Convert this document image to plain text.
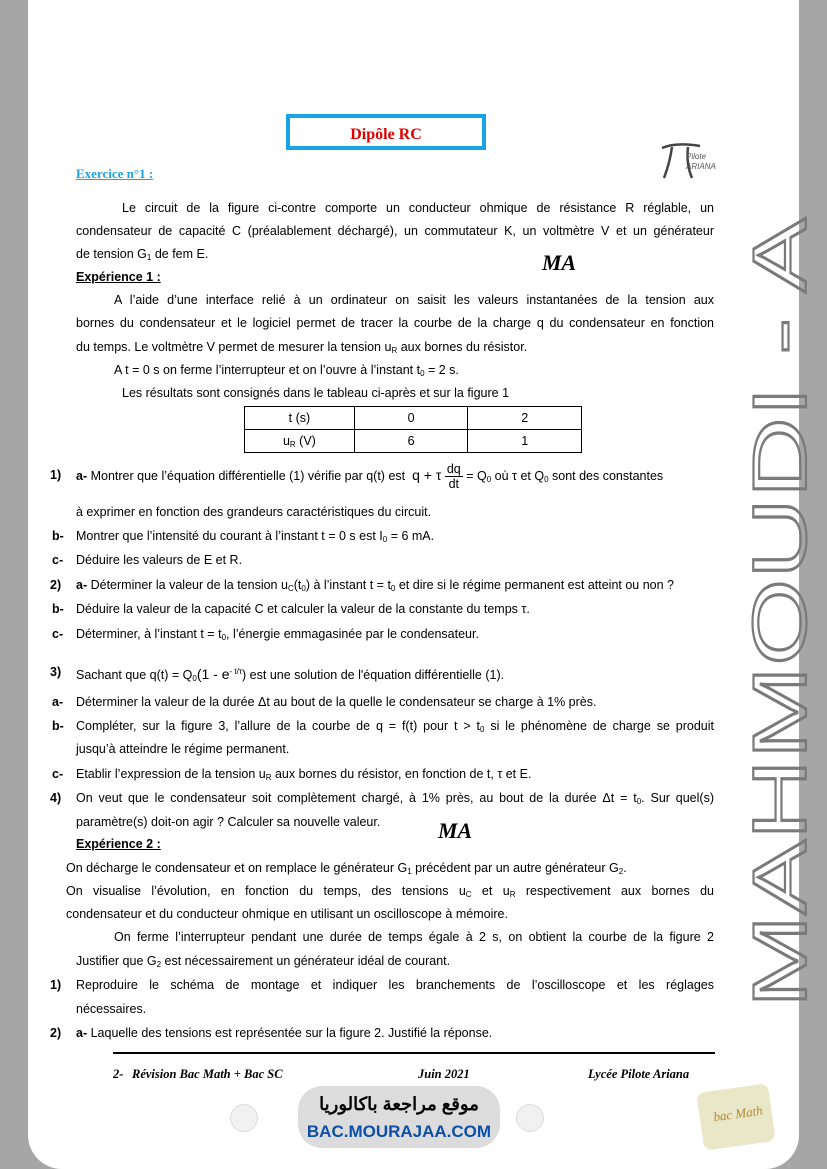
Dipôle RC
Pilote ARIANA
Exercice n°1 :
Le circuit de la figure ci-contre comporte un conducteur ohmique de résistance R réglable, un
condensateur de capacité C (préalablement déchargé), un commutateur K, un voltmètre V et un générateur
de tension $G_1$ de fem E.	MA
Expérience 1 :
A l’aide d’une interface relié à un ordinateur on saisit les valeurs instantanées de la tension aux
bornes du condensateur et le logiciel permet de tracer la courbe de la charge q du condensateur en fonction
du temps. Le voltmètre V permet de mesurer la tension $u_R$ aux bornes du résistor.
A t = 0 s on ferme l’interrupteur et on l’ouvre à l’instant $t_0 = 2$ s.
Les résultats sont consignés dans le tableau ci-après et sur la figure 1
t (s)	0	2
$u_R$ (V)	6	1
1) a- Montrer que l’équation différentielle (1) vérifie par q(t) est q + τ $\frac{dq}{dt} = Q_0$ où τ et $Q_0$ sont des constantes
à exprimer en fonction des grandeurs caractéristiques du circuit.
b- Montrer que l’intensité du courant à l’instant t = 0 s est $I_0 = 6$ mA.
c- Déduire les valeurs de E et R.
2) a- Déterminer la valeur de la tension $u_C(t_0)$ à l’instant $t = t_0$ et dire si le régime permanent est atteint ou non ?
b- Déduire la valeur de la capacité C et calculer la valeur de la constante du temps τ.
c- Déterminer, à l’instant $t = t_0$, l’énergie emmagasinée par le condensateur.
3) Sachant que $q(t) = Q_0(1 - e^{- t/\tau})$ est une solution de l'équation différentielle (1).
a- Déterminer la valeur de la durée Δt au bout de la quelle le condensateur se charge à 1% près.
b- Compléter, sur la figure 3, l’allure de la courbe de q = f(t) pour $t > t_0$ si le phénomène de charge se produit
jusqu’à atteindre le régime permanent.
c- Etablir l’expression de la tension $u_R$ aux bornes du résistor, en fonction de t, τ et E.
4) On veut que le condensateur soit complètement chargé, à 1% près, au bout de la durée $\Delta t = t_0$. Sur quel(s)
paramètre(s) doit-on agir ? Calculer sa nouvelle valeur.	MA
Expérience 2 :
On décharge le condensateur et on remplace le générateur $G_1$ précédent par un autre générateur $G_2$.
On visualise l’évolution, en fonction du temps, des tensions $u_C$ et $u_R$ respectivement aux bornes du
condensateur et du conducteur ohmique en utilisant un oscilloscope à mémoire.
On ferme l’interrupteur pendant une durée de temps égale à 2 s, on obtient la courbe de la figure 2
Justifier que $G_2$ est nécessairement un générateur idéal de courant.
1) Reproduire le schéma de montage et indiquer les branchements de l’oscilloscope et les réglages
nécessaires.
2) a- Laquelle des tensions est représentée sur la figure 2. Justifié la réponse.
MAHMOUDI - A
2- Révision Bac Math + Bac SC	Juin 2021	Lycée Pilote Ariana
موقع مراجعة باكالوريا
BAC.MOURAJAA.COM
bac Math
